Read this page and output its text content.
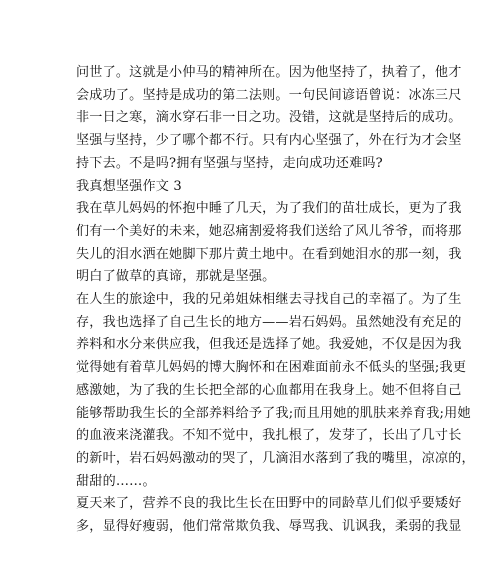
问世了。这就是小仲马的精神所在。因为他坚持了，执着了，他才
会成功了。坚持是成功的第二法则。一句民间谚语曾说：冰冻三尺
非一日之寒，滴水穿石非一日之功。没错，这就是坚持后的成功。
坚强与坚持，少了哪个都不行。只有内心坚强了，外在行为才会坚
持下去。不是吗?拥有坚强与坚持，走向成功还难吗?

我真想坚强作文 3

我在草儿妈妈的怀抱中睡了几天，为了我们的苗壮成长，更为了我
们有一个美好的未来，她忍痛割爱将我们送给了风儿爷爷，而将那
失儿的泪水洒在她脚下那片黄土地中。在看到她泪水的那一刻，我
明白了做草的真谛，那就是坚强。

在人生的旅途中，我的兄弟姐妹相继去寻找自己的幸福了。为了生
存，我也选择了自己生长的地方——岩石妈妈。虽然她没有充足的
养料和水分来供应我，但我还是选择了她。我爱她，不仅是因为我
觉得她有着草儿妈妈的博大胸怀和在困难面前永不低头的坚强;我更
感激她，为了我的生长把全部的心血都用在我身上。她不但将自己
能够帮助我生长的全部养料给予了我;而且用她的肌肤来养育我;用她
的血液来浇灌我。不知不觉中，我扎根了，发芽了，长出了几寸长
的新叶，岩石妈妈激动的哭了，几滴泪水落到了我的嘴里，凉凉的，
甜甜的……。

夏天来了，营养不良的我比生长在田野中的同龄草儿们似乎要矮好
多，显得好瘦弱，他们常常欺负我、辱骂我、讥讽我，柔弱的我显
